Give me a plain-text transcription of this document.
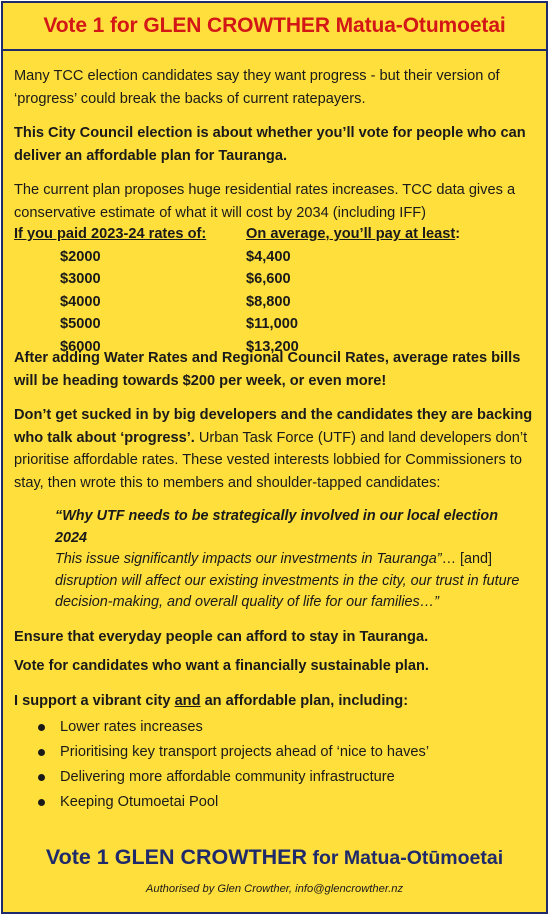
Vote 1 for GLEN CROWTHER Matua-Otumoetai

Many TCC election candidates say they want progress - but their version of ‘progress’ could break the backs of current ratepayers.

This City Council election is about whether you’ll vote for people who can deliver an affordable plan for Tauranga.

The current plan proposes huge residential rates increases. TCC data gives a conservative estimate of what it will cost by 2034 (including IFF)

If you paid 2023-24 rates of:
$2000
$3000
$4000
$5000
$6000
On average, you’ll pay at least:
$4,400
$6,600
$8,800
$11,000
$13,200

After adding Water Rates and Regional Council Rates, average rates bills will be heading towards $200 per week, or even more!

Don’t get sucked in by big developers and the candidates they are backing who talk about ‘progress’. Urban Task Force (UTF) and land developers don’t prioritise affordable rates. These vested interests lobbied for Commissioners to stay, then wrote this to members and shoulder-tapped candidates:

“Why UTF needs to be strategically involved in our local election 2024
This issue significantly impacts our investments in Tauranga”… [and] disruption will affect our existing investments in the city, our trust in future decision-making, and overall quality of life for our families…”

Ensure that everyday people can afford to stay in Tauranga.

Vote for candidates who want a financially sustainable plan.

I support a vibrant city and an affordable plan, including:

Lower rates increases
Prioritising key transport projects ahead of ‘nice to haves’
Delivering more affordable community infrastructure
Keeping Otumoetai Pool
Vote 1 GLEN CROWTHER for Matua-Otūmoetai
Authorised by Glen Crowther, info@glencrowther.nz
